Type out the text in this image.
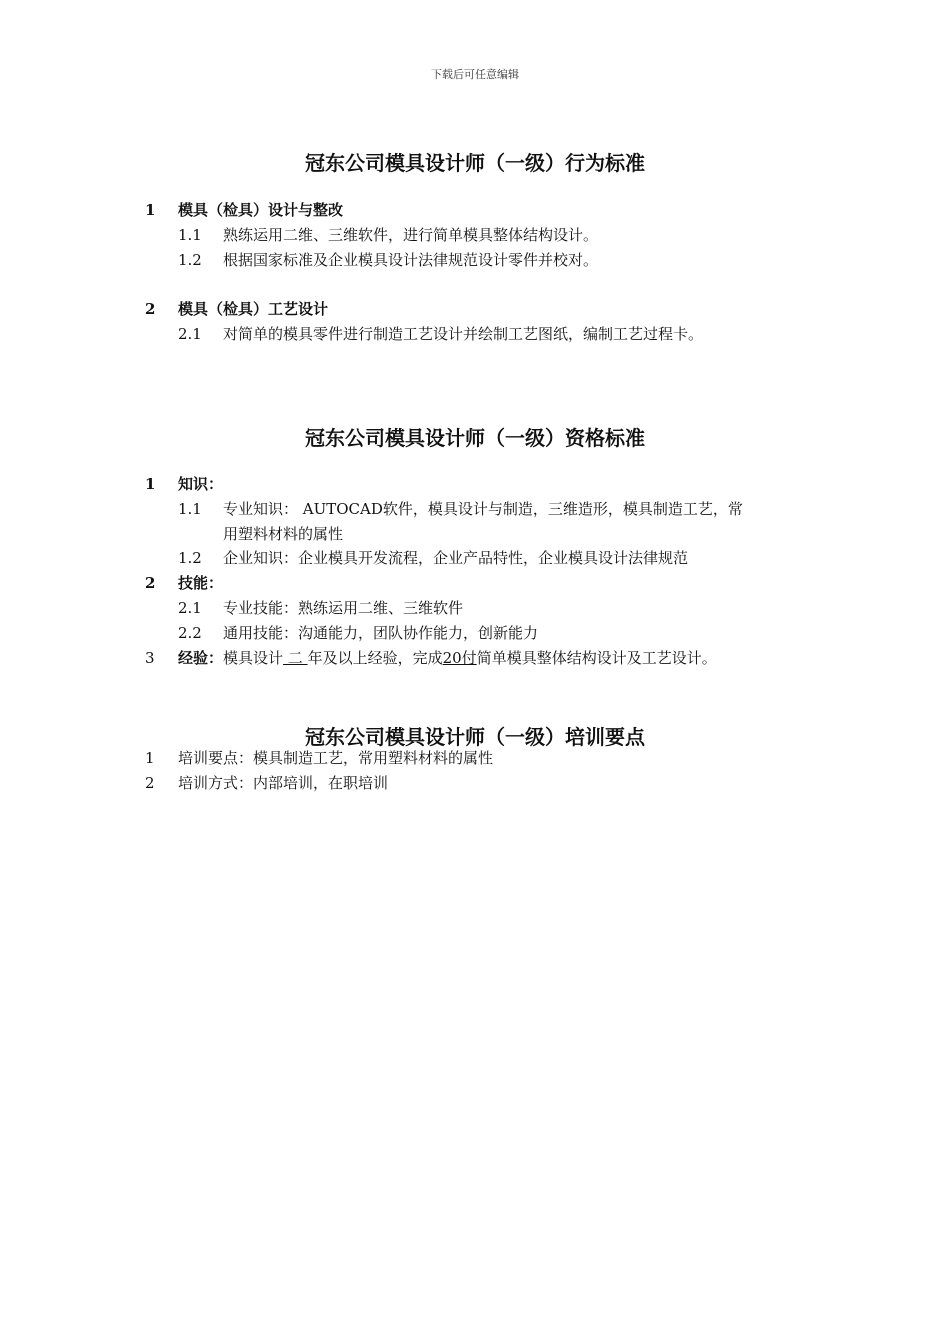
下载后可任意编辑
冠东公司模具设计师（一级）行为标准
1 模具（检具）设计与整改
1.1 熟练运用二维、三维软件，进行简单模具整体结构设计。
1.2 根据国家标准及企业模具设计法律规范设计零件并校对。
2 模具（检具）工艺设计
2.1 对简单的模具零件进行制造工艺设计并绘制工艺图纸，编制工艺过程卡。
冠东公司模具设计师（一级）资格标准
1 知识：
1.1 专业知识： AUTOCAD软件，模具设计与制造，三维造形，模具制造工艺，常
用塑料材料的属性
1.2 企业知识：企业模具开发流程，企业产品特性，企业模具设计法律规范
2 技能：
2.1 专业技能：熟练运用二维、三维软件
2.2 通用技能：沟通能力，团队协作能力，创新能力
3 经验：模具设计 二 年及以上经验，完成20付简单模具整体结构设计及工艺设计。
冠东公司模具设计师（一级）培训要点
1 培训要点：模具制造工艺，常用塑料材料的属性
2 培训方式：内部培训，在职培训
